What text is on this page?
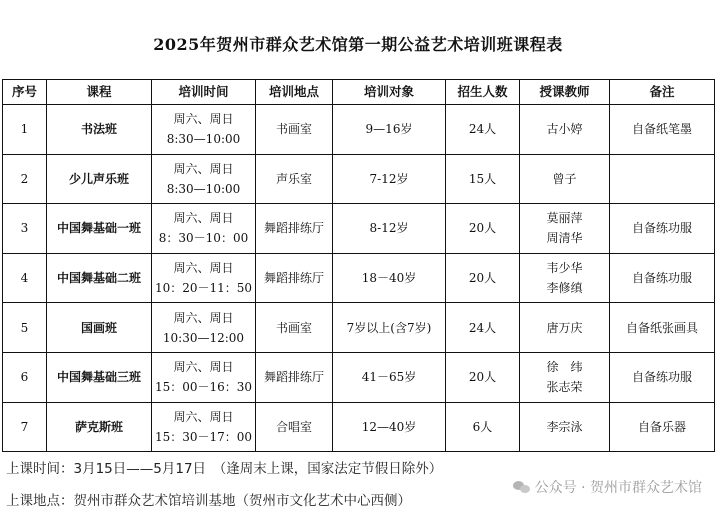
2025年贺州市群众艺术馆第一期公益艺术培训班课程表
序号	课程	培训时间	培训地点	培训对象	招生人数	授课教师	备注
1	书法班	周六、周日
8:30—10:00	书画室	9—16岁	24人	古小婷	自备纸笔墨
2	少儿声乐班	周六、周日
8:30—10:00	声乐室	7-12岁	15人	曾子	

3	中国舞基础一班	周六、周日
8：30－10：00	舞蹈排练厅	8-12岁	20人	莫丽萍
周清华	自备练功服
4	中国舞基础二班	周六、周日
10：20－11：50	舞蹈排练厅	18－40岁	20人	韦少华
李修缜	自备练功服
5	国画班	周六、周日
10:30—12:00	书画室	7岁以上(含7岁)	24人	唐万庆	自备纸张画具
6	中国舞基础三班	周六、周日
15：00－16：30	舞蹈排练厅	41－65岁	20人	徐　纬
张志荣	自备练功服
7	萨克斯班	周六、周日
15：30－17：00	合唱室	12—40岁	6人	李宗泳	自备乐器
上课时间：3月15日——5月17日　（逢周末上课，国家法定节假日除外）
上课地点：贺州市群众艺术馆培训基地（贺州市文化艺术中心西侧）
公众号 · 贺州市群众艺术馆
